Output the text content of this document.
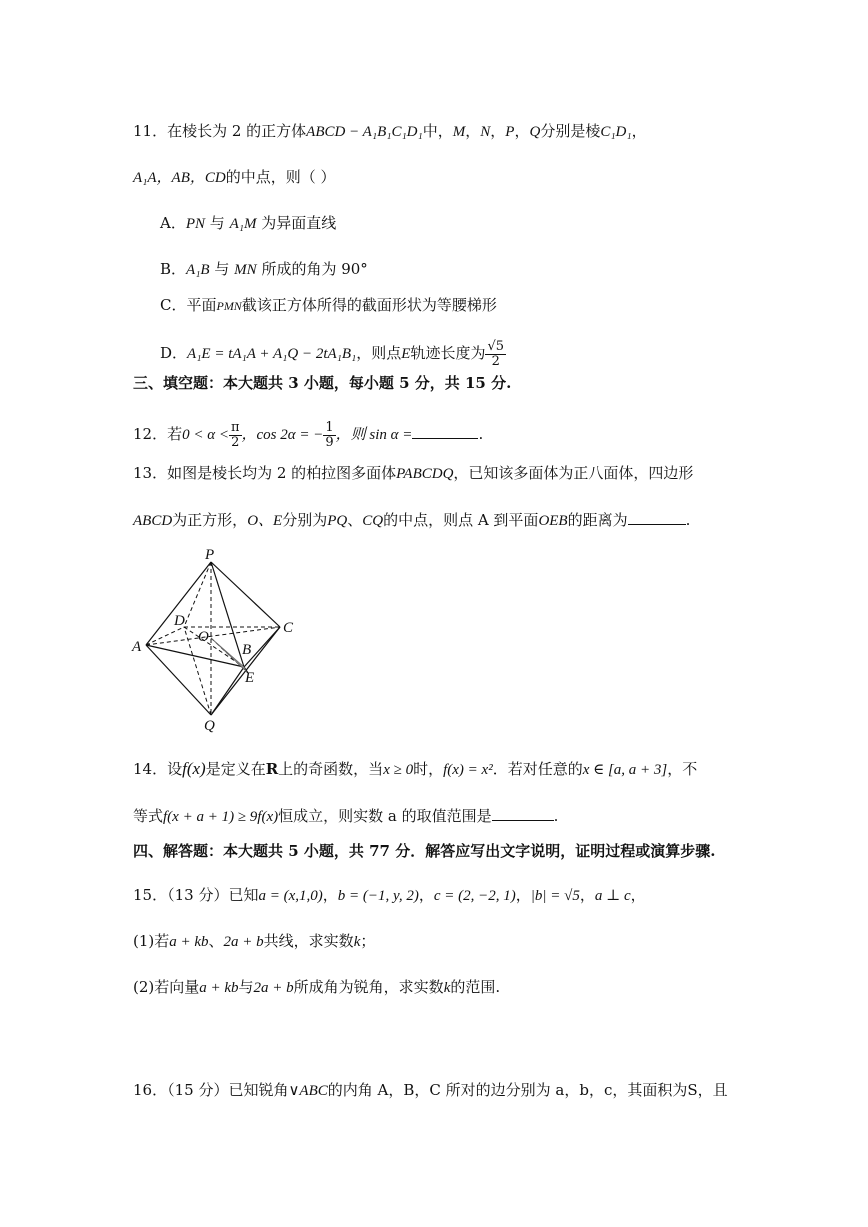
11．在棱长为 2 的正方体ABCD − A₁B₁C₁D₁中，M，N，P，Q分别是棱C₁D₁，
A₁A，AB，CD的中点，则（ ）
A．PN 与 A₁M 为异面直线
B．A₁B 与 MN 所成的角为 90°
C．平面PMN截该正方体所得的截面形状为等腰梯形
D．A₁E = tA₁A + A₁Q − 2tA₁B₁，则点E轨迹长度为 $\frac{√5}{2}$
三、填空题：本大题共 3 小题，每小题 5 分，共 15 分.
12．若$0 < \alpha < \frac{\pi}{2}$ ，cos 2α = − $\frac{1}{9}$ ，则 sin α =	.
13．如图是棱长均为 2 的柏拉图多面体PABCDQ，已知该多面体为正八面体，四边形
ABCD为正方形，O、E分别为PQ、CQ的中点，则点 A 到平面OEB的距离为	.
P
A
D
O
C
B
E
Q
14．设f(x)是定义在R上的奇函数，当x ≥ 0时，f(x) = x²．若对任意的x ∈ [a, a + 3]，不
等式f(x + a + 1) ≥ 9f(x)恒成立，则实数 a 的取值范围是	.
四、解答题：本大题共 5 小题，共 77 分．解答应写出文字说明，证明过程或演算步骤.
15．（13 分）已知a = (x,1,0)，b = (−1, y, 2)，c = (2, −2, 1)，|b| = √5，a ⊥ c，
(1)若a + kb、2a + b共线，求实数k；
(2)若向量a + kb与2a + b所成角为锐角，求实数k的范围.
16．（15 分）已知锐角∨ABC的内角 A，B，C 所对的边分别为 a，b，c，其面积为S，且
